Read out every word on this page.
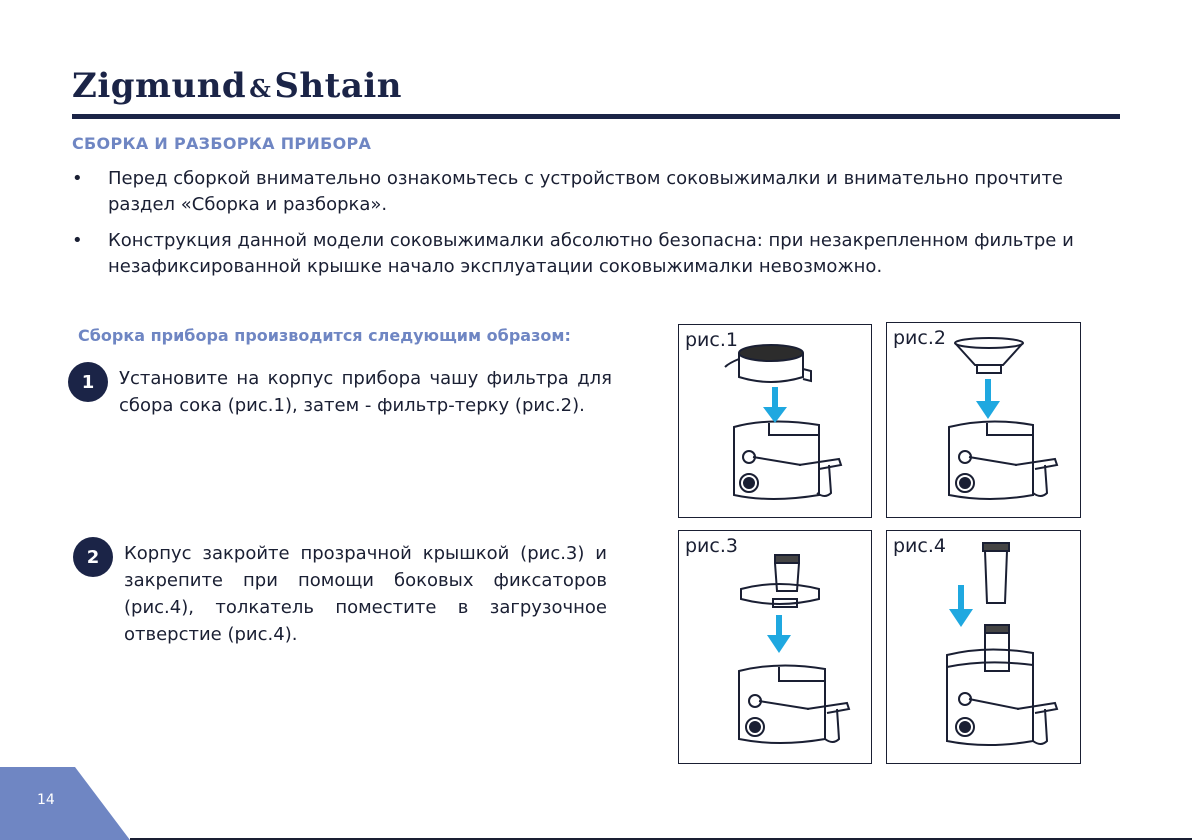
Zigmund &Shtain
СБОРКА И РАЗБОРКА ПРИБОРА
• Перед сборкой внимательно ознакомьтесь с устройством соковыжималки и внимательно прочтите раздел «Сборка и разборка».
• Конструкция данной модели соковыжималки абсолютно безопасна: при незакрепленном фильтре и незафиксированной крышке начало эксплуатации соковыжималки невозможно.
Сборка прибора производится следующим образом:
1	Установите на корпус прибора чашу фильтра для сбора сока (рис.1), затем - фильтр-терку (рис.2).
2	Корпус закройте прозрачной крышкой (рис.3) и закрепите при помощи боковых фиксаторов (рис.4), толкатель поместите в загрузочное отверстие (рис.4).
рис.1	рис.2
рис.3	рис.4
14
